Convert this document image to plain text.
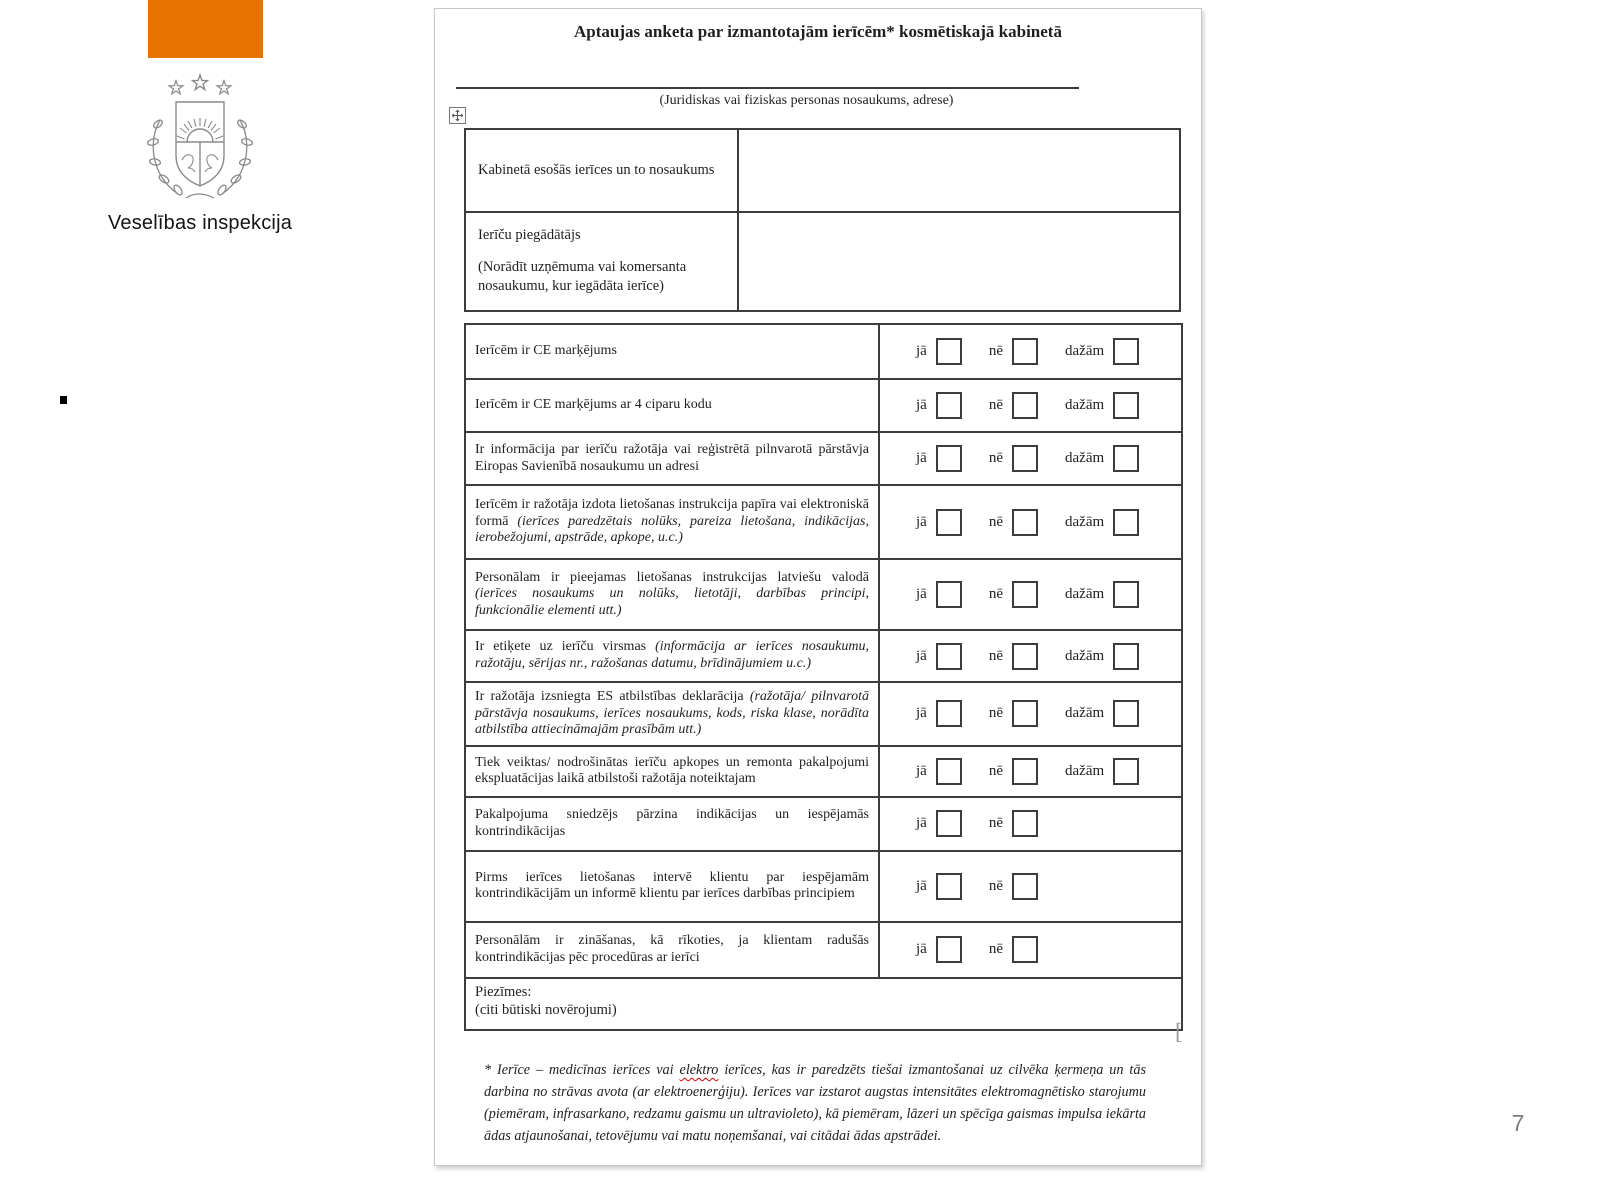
Veselības inspekcija
Aptaujas anketa par izmantotajām ierīcēm* kosmētiskajā kabinetā
(Juridiskas vai fiziskas personas nosaukums, adrese)
Kabinetā esošās ierīces un to nosaukums	

Ierīču piegādātājs
(Norādīt uzņēmuma vai komersanta nosaukumu, kur iegādāta ierīce)	

Ierīcēm ir CE marķējums	jā nē dažām

Ierīcēm ir CE marķējums ar 4 ciparu kodu	jā nē dažām

Ir informācija par ierīču ražotāja vai reģistrētā pilnvarotā pārstāvja Eiropas Savienībā nosaukumu un adresi	jā nē dažām

Ierīcēm ir ražotāja izdota lietošanas instrukcija papīra vai elektroniskā formā (ierīces paredzētais nolūks, pareiza lietošana, indikācijas, ierobežojumi, apstrāde, apkope, u.c.)	jā nē dažām

Personālam ir pieejamas lietošanas instrukcijas latviešu valodā (ierīces nosaukums un nolūks, lietotāji, darbības principi, funkcionālie elementi utt.)	jā nē dažām

Ir etiķete uz ierīču virsmas (informācija ar ierīces nosaukumu, ražotāju, sērijas nr., ražošanas datumu, brīdinājumiem u.c.)	jā nē dažām

Ir ražotāja izsniegta ES atbilstības deklarācija (ražotāja/ pilnvarotā pārstāvja nosaukums, ierīces nosaukums, kods, riska klase, norādīta atbilstība attiecināmajām prasībām utt.)	jā nē dažām

Tiek veiktas/ nodrošinātas ierīču apkopes un remonta pakalpojumi ekspluatācijas laikā atbilstoši ražotāja noteiktajam	jā nē dažām

Pakalpojuma sniedzējs pārzina indikācijas un iespējamās kontrindikācijas	jā nē

Pirms ierīces lietošanas intervē klientu par iespējamām kontrindikācijām un informē klientu par ierīces darbības principiem	jā nē

Personālām ir zināšanas, kā rīkoties, ja klientam radušās kontrindikācijas pēc procedūras ar ierīci	jā nē

Piezīmes:
(citi būtiski novērojumi)	
[
* Ierīce – medicīnas ierīces vai elektro ierīces, kas ir paredzēts tiešai izmantošanai uz cilvēka ķermeņa un tās darbina no strāvas avota (ar elektroenerģiju). Ierīces var izstarot augstas intensitātes elektromagnētisko starojumu (piemēram, infrasarkano, redzamu gaismu un ultravioleto), kā piemēram, lāzeri un spēcīga gaismas impulsa iekārta ādas atjaunošanai, tetovējumu vai matu noņemšanai, vai citādai ādas apstrādei.	7
